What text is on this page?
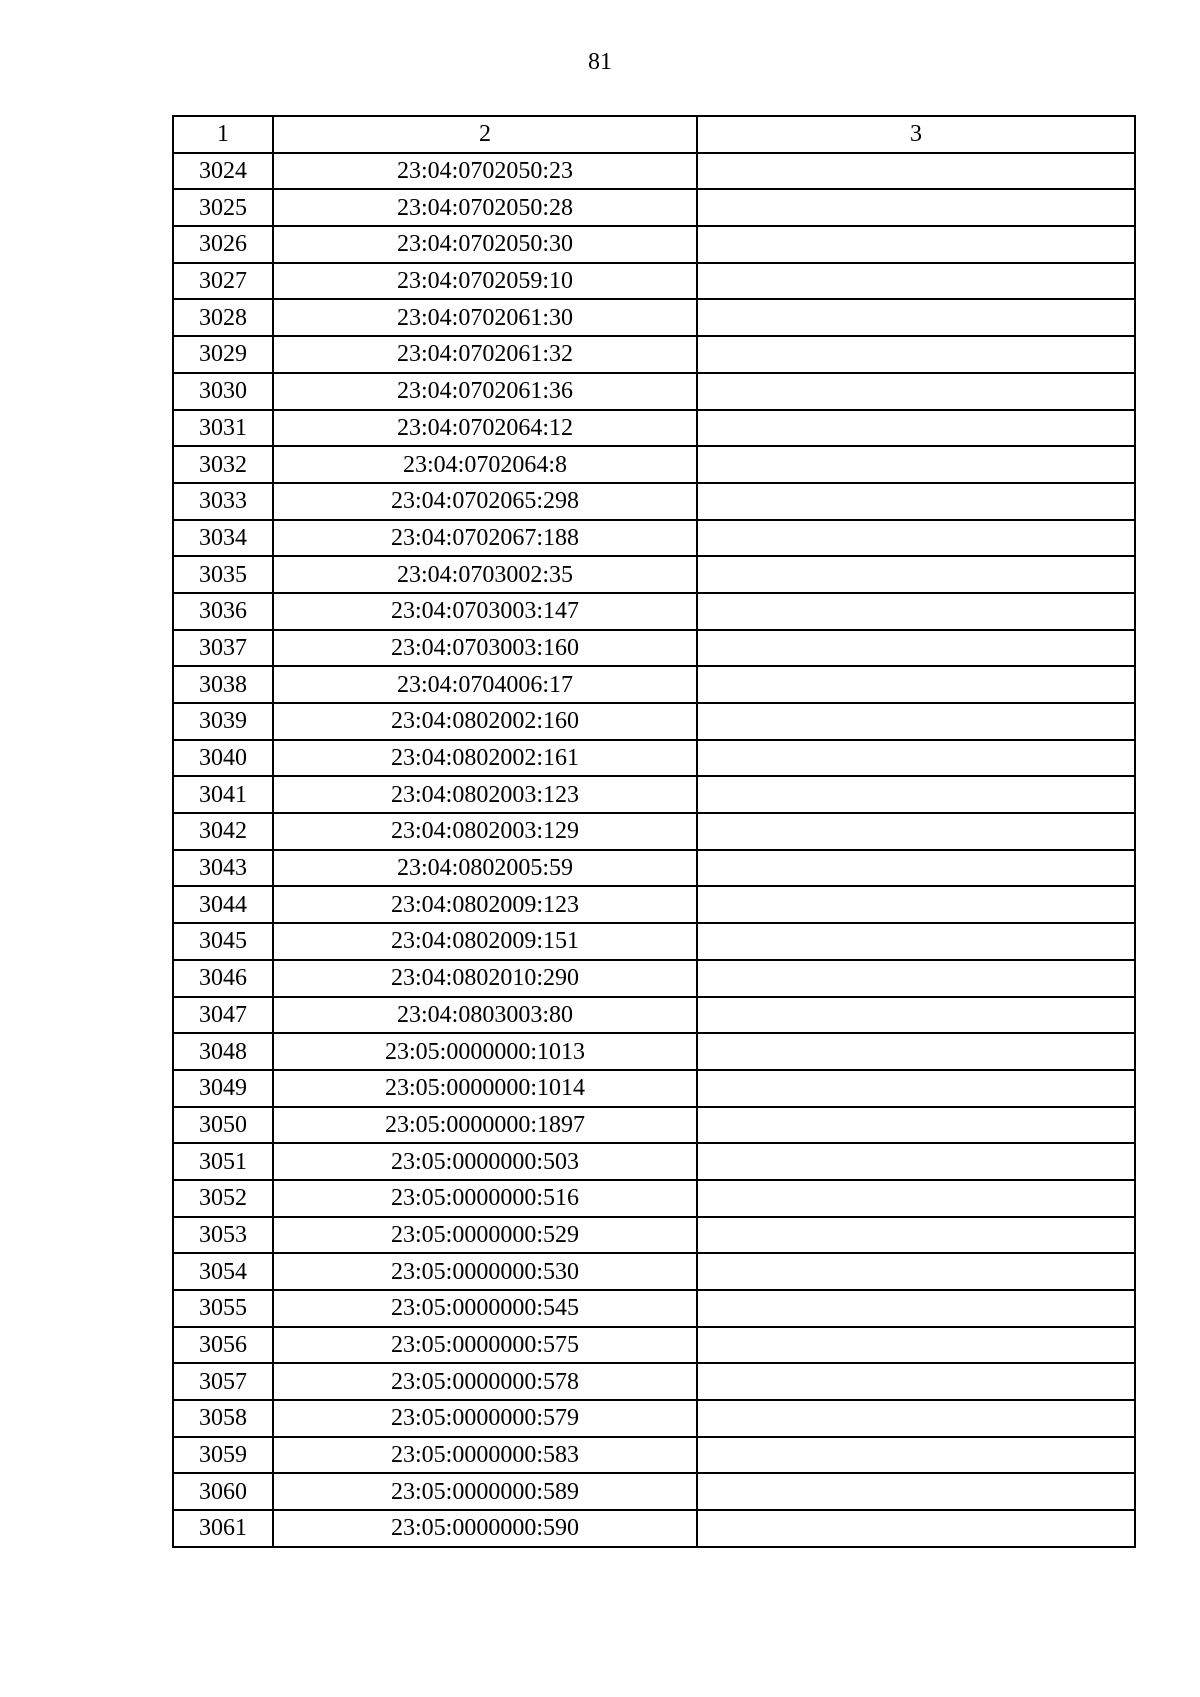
81
1	2	3
3024	23:04:0702050:23	
3025	23:04:0702050:28	
3026	23:04:0702050:30	
3027	23:04:0702059:10	
3028	23:04:0702061:30	
3029	23:04:0702061:32	
3030	23:04:0702061:36	
3031	23:04:0702064:12	
3032	23:04:0702064:8	
3033	23:04:0702065:298	
3034	23:04:0702067:188	
3035	23:04:0703002:35	
3036	23:04:0703003:147	
3037	23:04:0703003:160	
3038	23:04:0704006:17	
3039	23:04:0802002:160	
3040	23:04:0802002:161	
3041	23:04:0802003:123	
3042	23:04:0802003:129	
3043	23:04:0802005:59	
3044	23:04:0802009:123	
3045	23:04:0802009:151	
3046	23:04:0802010:290	
3047	23:04:0803003:80	
3048	23:05:0000000:1013	
3049	23:05:0000000:1014	
3050	23:05:0000000:1897	
3051	23:05:0000000:503	
3052	23:05:0000000:516	
3053	23:05:0000000:529	
3054	23:05:0000000:530	
3055	23:05:0000000:545	
3056	23:05:0000000:575	
3057	23:05:0000000:578	
3058	23:05:0000000:579	
3059	23:05:0000000:583	
3060	23:05:0000000:589	
3061	23:05:0000000:590	
